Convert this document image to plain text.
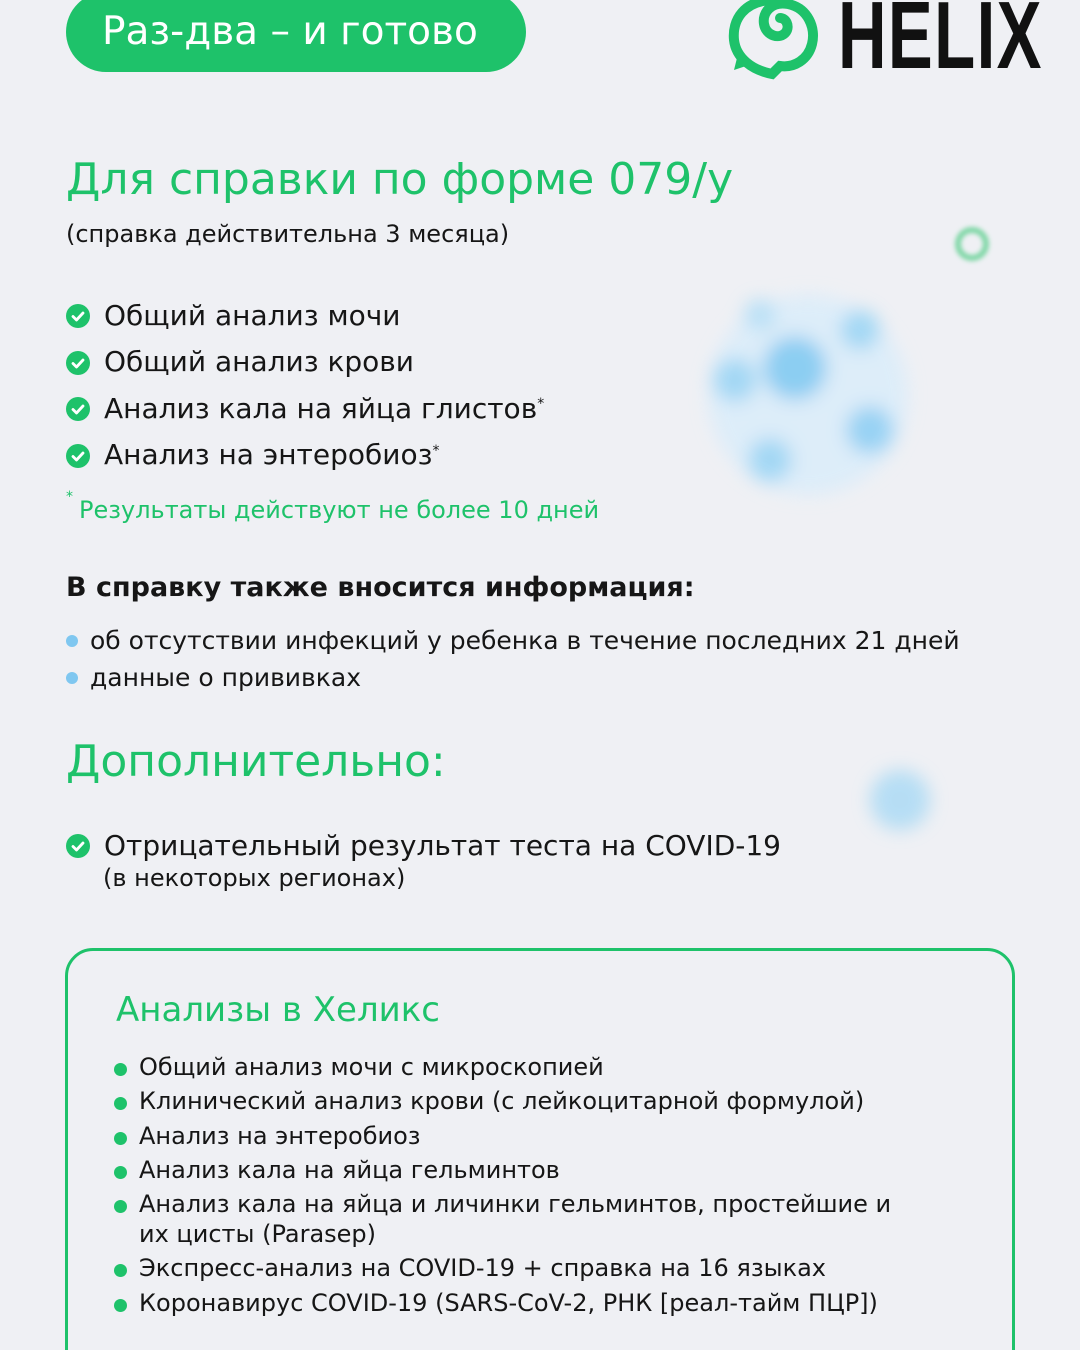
Раз-два – и готово	HELIX
Для справки по форме 079/у
(справка действительна 3 месяца)
Общий анализ мочи
Общий анализ крови
Анализ кала на яйца глистов *
Анализ на энтеробиоз *
* Результаты действуют не более 10 дней
В справку также вносится информация:
об отсутствии инфекций у ребенка в течение последних 21 дней
данные о прививках
Дополнительно:
Отрицательный результат теста на COVID-19
(в некоторых регионах)
Анализы в Хеликс
Общий анализ мочи с микроскопией
Клинический анализ крови (с лейкоцитарной формулой)
Анализ на энтеробиоз
Анализ кала на яйца гельминтов
Анализ кала на яйца и личинки гельминтов, простейшие и их цисты (Parasep)
Экспресс-анализ на COVID-19 + справка на 16 языках
Коронавирус COVID-19 (SARS-CoV-2, РНК [реал-тайм ПЦР])
